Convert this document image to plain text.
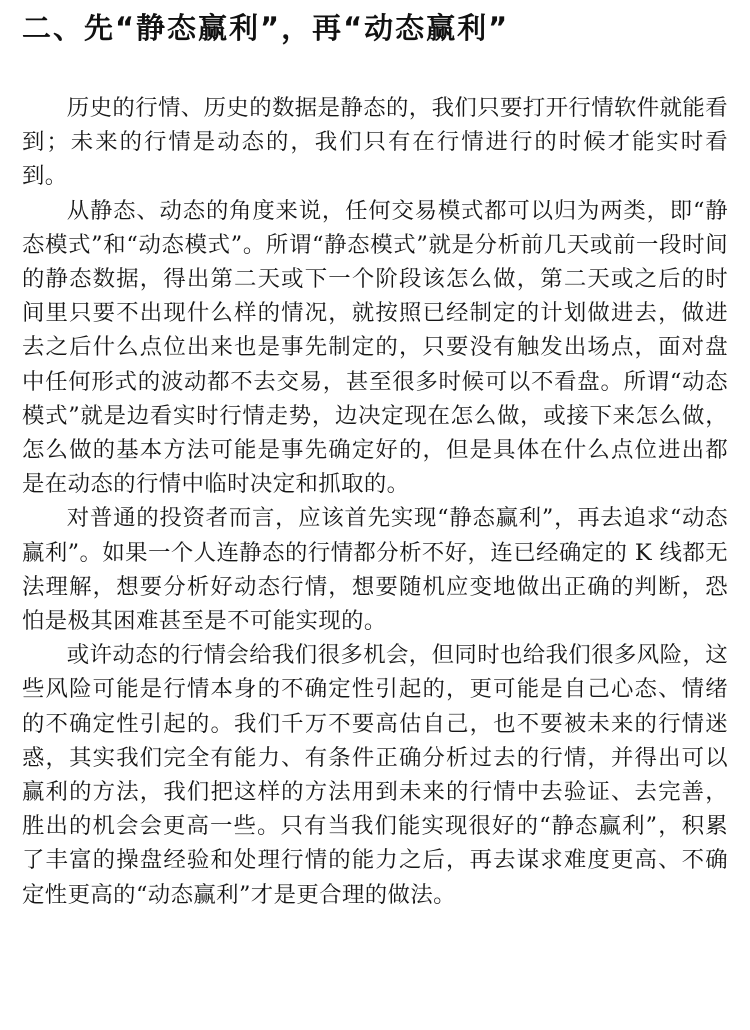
二、先“静态赢利”，再“动态赢利”

历史的行情、历史的数据是静态的，我们只要打开行情软件就能看到；未来的行情是动态的，我们只有在行情进行的时候才能实时看到。

从静态、动态的角度来说，任何交易模式都可以归为两类，即“静态模式”和“动态模式”。所谓“静态模式”就是分析前几天或前一段时间的静态数据，得出第二天或下一个阶段该怎么做，第二天或之后的时间里只要不出现什么样的情况，就按照已经制定的计划做进去，做进去之后什么点位出来也是事先制定的，只要没有触发出场点，面对盘中任何形式的波动都不去交易，甚至很多时候可以不看盘。所谓“动态模式”就是边看实时行情走势，边决定现在怎么做，或接下来怎么做，怎么做的基本方法可能是事先确定好的，但是具体在什么点位进出都是在动态的行情中临时决定和抓取的。

对普通的投资者而言，应该首先实现“静态赢利”，再去追求“动态赢利”。如果一个人连静态的行情都分析不好，连已经确定的 K 线都无法理解，想要分析好动态行情，想要随机应变地做出正确的判断，恐怕是极其困难甚至是不可能实现的。

或许动态的行情会给我们很多机会，但同时也给我们很多风险，这些风险可能是行情本身的不确定性引起的，更可能是自己心态、情绪的不确定性引起的。我们千万不要高估自己，也不要被未来的行情迷惑，其实我们完全有能力、有条件正确分析过去的行情，并得出可以赢利的方法，我们把这样的方法用到未来的行情中去验证、去完善，胜出的机会会更高一些。只有当我们能实现很好的“静态赢利”，积累了丰富的操盘经验和处理行情的能力之后，再去谋求难度更高、不确定性更高的“动态赢利”才是更合理的做法。
